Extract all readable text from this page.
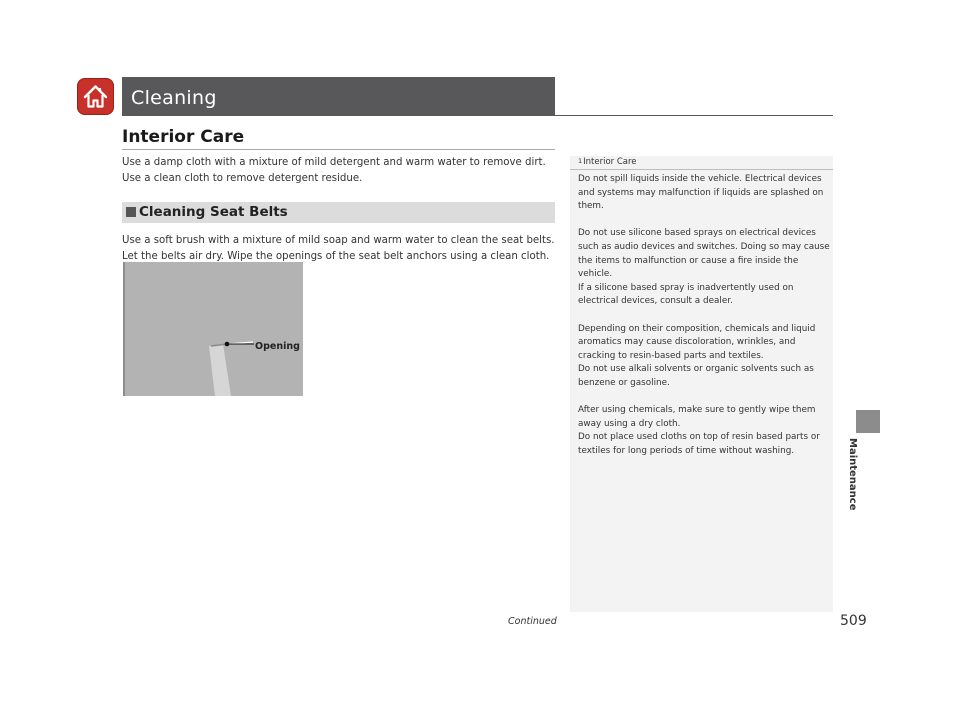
Cleaning
Interior Care
Use a damp cloth with a mixture of mild detergent and warm water to remove dirt.
Use a clean cloth to remove detergent residue.
Cleaning Seat Belts
Use a soft brush with a mixture of mild soap and warm water to clean the seat belts.
Let the belts air dry. Wipe the openings of the seat belt anchors using a clean cloth.
Opening
$^1$Interior Care

Do not spill liquids inside the vehicle. Electrical devices and systems may malfunction if liquids are splashed on them.

Do not use silicone based sprays on electrical devices such as audio devices and switches. Doing so may cause the items to malfunction or cause a fire inside the vehicle.
If a silicone based spray is inadvertently used on electrical devices, consult a dealer.

Depending on their composition, chemicals and liquid aromatics may cause discoloration, wrinkles, and cracking to resin-based parts and textiles.
Do not use alkali solvents or organic solvents such as benzene or gasoline.

After using chemicals, make sure to gently wipe them away using a dry cloth.
Do not place used cloths on top of resin based parts or textiles for long periods of time without washing.	Maintenance
Continued	509
